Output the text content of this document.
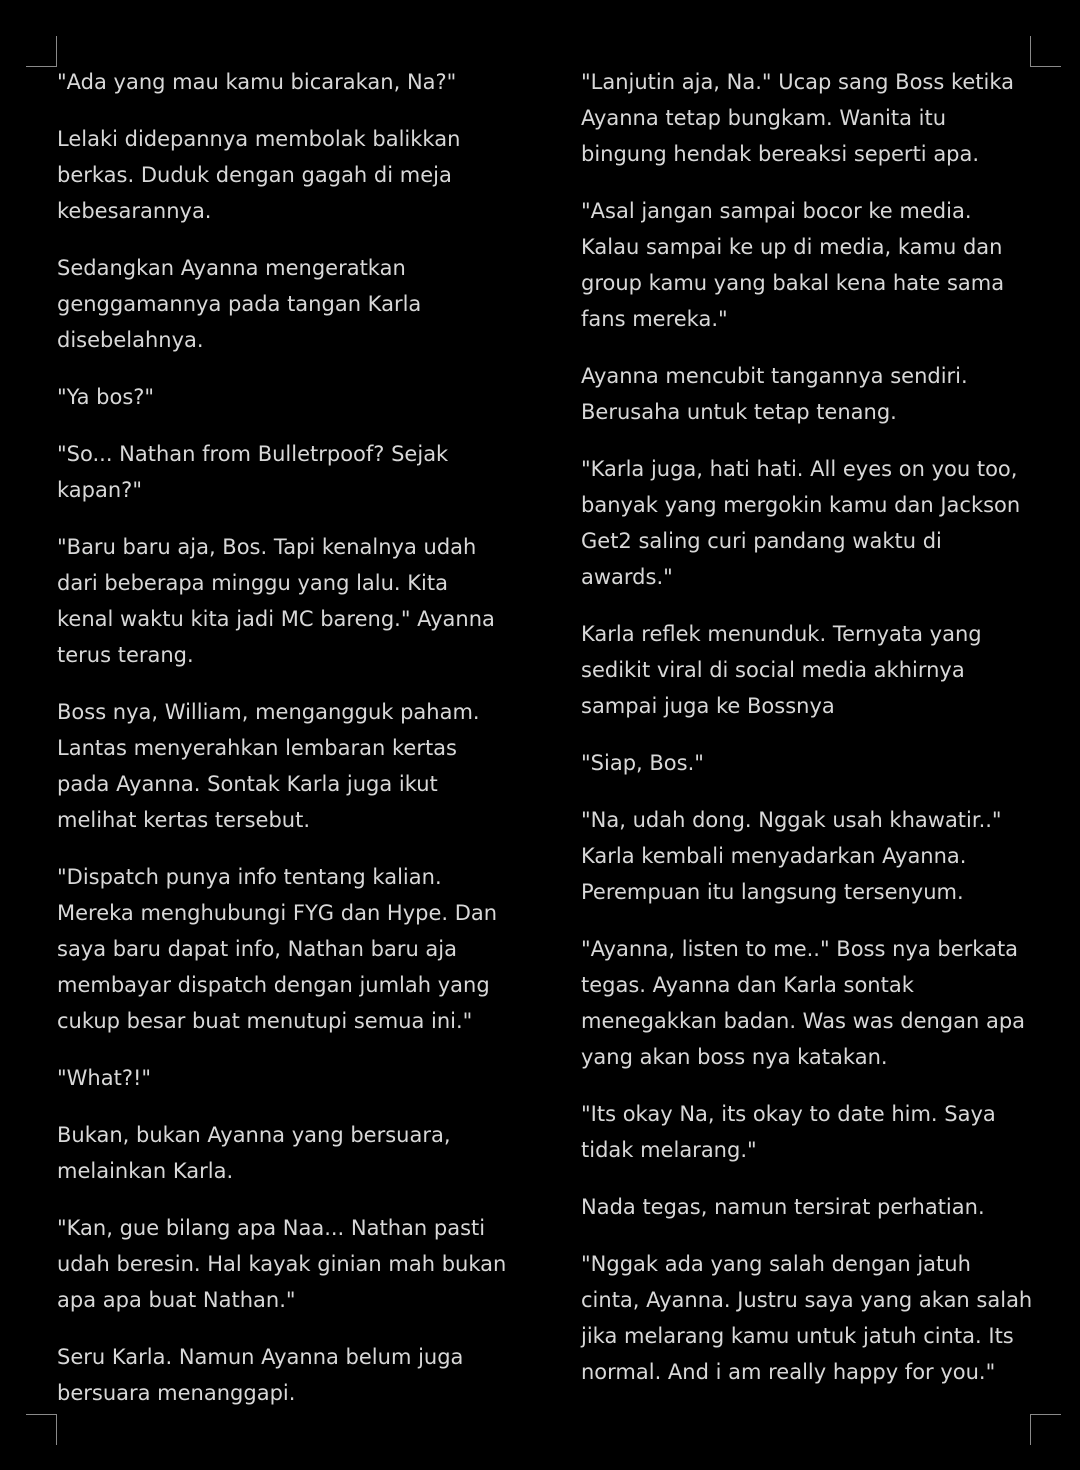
"Ada yang mau kamu bicarakan, Na?"

Lelaki didepannya membolak balikkan berkas. Duduk dengan gagah di meja kebesarannya.

Sedangkan Ayanna mengeratkan genggamannya pada tangan Karla disebelahnya.

"Ya bos?"

"So... Nathan from Bulletrpoof? Sejak kapan?"

"Baru baru aja, Bos. Tapi kenalnya udah dari beberapa minggu yang lalu. Kita kenal waktu kita jadi MC bareng." Ayanna terus terang.

Boss nya, William, mengangguk paham. Lantas menyerahkan lembaran kertas pada Ayanna. Sontak Karla juga ikut melihat kertas tersebut.

"Dispatch punya info tentang kalian. Mereka menghubungi FYG dan Hype. Dan saya baru dapat info, Nathan baru aja membayar dispatch dengan jumlah yang cukup besar buat menutupi semua ini."

"What?!"

Bukan, bukan Ayanna yang bersuara, melainkan Karla.

"Kan, gue bilang apa Naa... Nathan pasti udah beresin. Hal kayak ginian mah bukan apa apa buat Nathan."

Seru Karla. Namun Ayanna belum juga bersuara menanggapi.

"Lanjutin aja, Na." Ucap sang Boss ketika Ayanna tetap bungkam. Wanita itu bingung hendak bereaksi seperti apa.

"Asal jangan sampai bocor ke media. Kalau sampai ke up di media, kamu dan group kamu yang bakal kena hate sama fans mereka."

Ayanna mencubit tangannya sendiri. Berusaha untuk tetap tenang.

"Karla juga, hati hati. All eyes on you too, banyak yang mergokin kamu dan Jackson Get2 saling curi pandang waktu di awards."

Karla reflek menunduk. Ternyata yang sedikit viral di social media akhirnya sampai juga ke Bossnya

"Siap, Bos."

"Na, udah dong. Nggak usah khawatir.." Karla kembali menyadarkan Ayanna. Perempuan itu langsung tersenyum.

"Ayanna, listen to me.." Boss nya berkata tegas. Ayanna dan Karla sontak menegakkan badan. Was was dengan apa yang akan boss nya katakan.

"Its okay Na, its okay to date him. Saya tidak melarang."

Nada tegas, namun tersirat perhatian.

"Nggak ada yang salah dengan jatuh cinta, Ayanna. Justru saya yang akan salah jika melarang kamu untuk jatuh cinta. Its normal. And i am really happy for you."
